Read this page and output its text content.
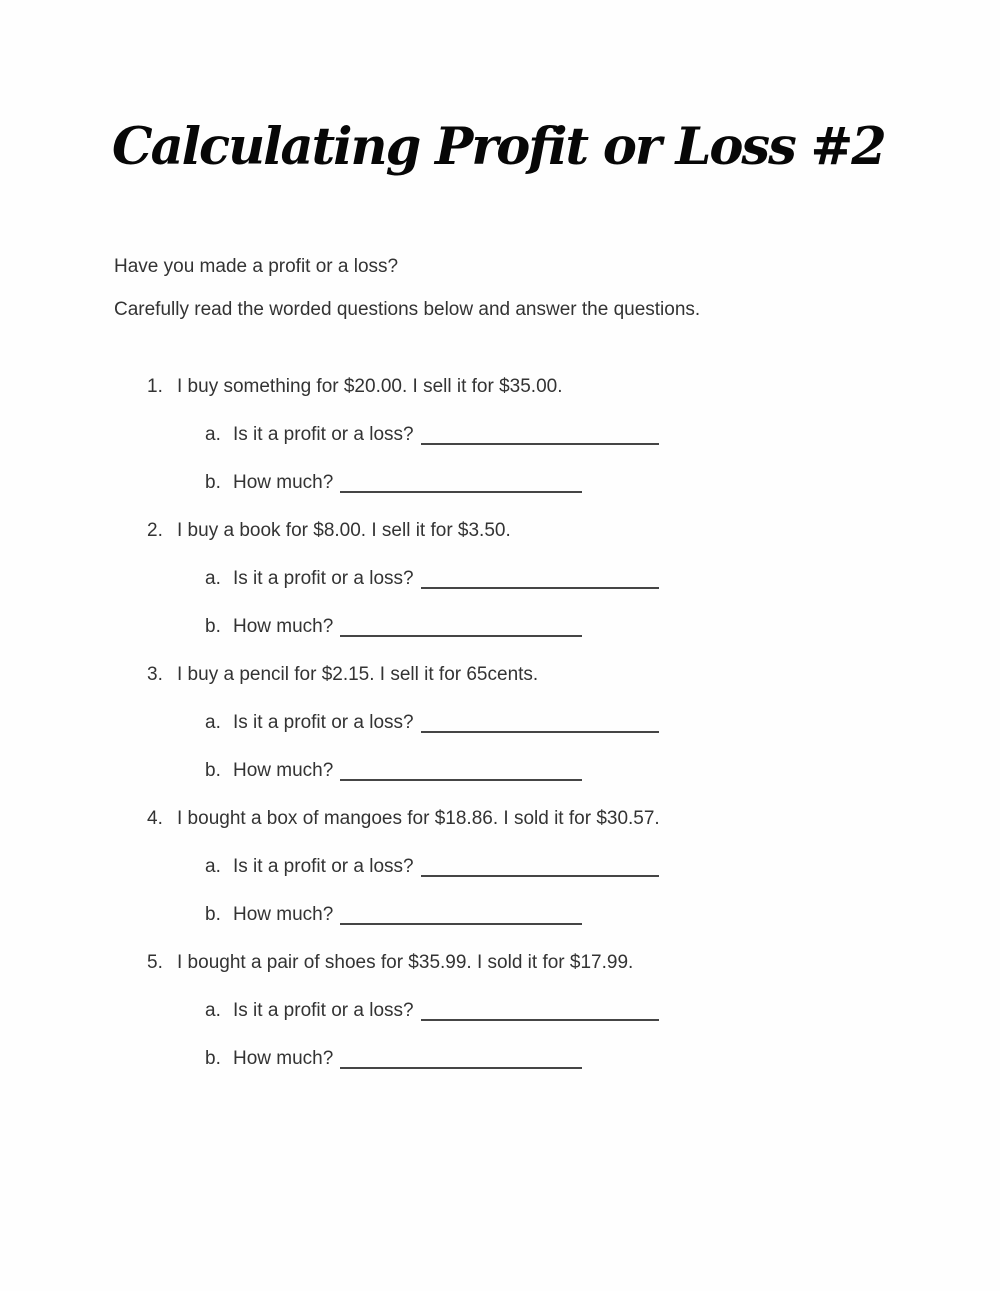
Calculating Profit or Loss #2

Have you made a profit or a loss?

Carefully read the worded questions below and answer the questions.

1. I buy something for $20.00. I sell it for $35.00.
a. Is it a profit or a loss?
b. How much?
2. I buy a book for $8.00. I sell it for $3.50.
a. Is it a profit or a loss?
b. How much?
3. I buy a pencil for $2.15. I sell it for 65cents.
a. Is it a profit or a loss?
b. How much?
4. I bought a box of mangoes for $18.86. I sold it for $30.57.
a. Is it a profit or a loss?
b. How much?
5. I bought a pair of shoes for $35.99. I sold it for $17.99.
a. Is it a profit or a loss?
b. How much?
